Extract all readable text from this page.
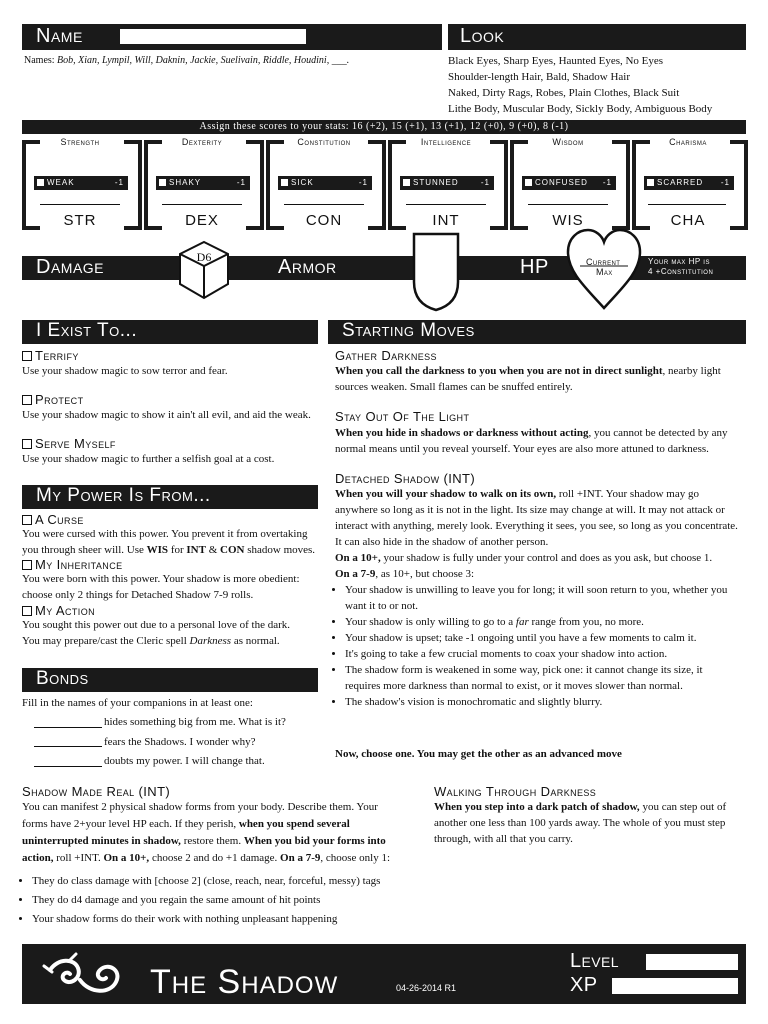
Name	Look
Names: Bob, Xian, Lympil, Will, Daknin, Jackie, Suelivain, Riddle, Houdini, ___.	Black Eyes, Sharp Eyes, Haunted Eyes, No Eyes
Shoulder-length Hair, Bald, Shadow Hair
Naked, Dirty Rags, Robes, Plain Clothes, Black Suit
Lithe Body, Muscular Body, Sickly Body, Ambiguous Body
Assign these scores to your stats: 16 (+2), 15 (+1), 13 (+1), 12 (+0), 9 (+0), 8 (-1)
Strength
WEAK	-1
STR
Dexterity
SHAKY	-1
DEX
Constitution
SICK	-1
CON
Intelligence
STUNNED	-1
INT
Wisdom
CONFUSED -1
WIS
Charisma
SCARRED -1
CHA
Damage	Armor	HP	Your max HP is
4 +Constitution
D6	Current
Max
I Exist To...
Terrify
Use your shadow magic to sow terror and fear.
Protect
Use your shadow magic to show it ain't all evil, and aid the weak.
Serve Myself
Use your shadow magic to further a selfish goal at a cost.
My Power Is From...
A Curse
You were cursed with this power. You prevent it from overtaking
you through sheer will. Use WIS for INT & CON shadow moves.
My Inheritance
You were born with this power. Your shadow is more obedient:
choose only 2 things for Detached Shadow 7-9 rolls.
My Action
You sought this power out due to a personal love of the dark.
You may prepare/cast the Cleric spell Darkness as normal.
Bonds
Fill in the names of your companions in at least one:
hides something big from me. What is it?
fears the Shadows. I wonder why?
doubts my power. I will change that.
Starting Moves
Gather Darkness
When you call the darkness to you when you are not in direct sunlight, nearby light
sources weaken. Small flames can be snuffed entirely.
Stay Out Of The Light
When you hide in shadows or darkness without acting, you cannot be detected by any
normal means until you reveal yourself. Your eyes are also more attuned to darkness.
Detached Shadow (INT)
When you will your shadow to walk on its own, roll +INT. Your shadow may go
anywhere so long as it is not in the light. Its size may change at will. It may not attack or
interact with anything, merely look. Everything it sees, you see, so long as you concentrate.
It can also hide in the shadow of another person.
On a 10+, your shadow is fully under your control and does as you ask, but choose 1.
On a 7-9, as 10+, but choose 3:
• Your shadow is unwilling to leave you for long; it will soon return to you, whether you
want it to or not.
• Your shadow is only willing to go to a far range from you, no more.
• Your shadow is upset; take -1 ongoing until you have a few moments to calm it.
• It's going to take a few crucial moments to coax your shadow into action.
• The shadow form is weakened in some way, pick one: it cannot change its size, it
requires more darkness than normal to exist, or it moves slower than normal.
• The shadow's vision is monochromatic and slightly blurry.
Now, choose one. You may get the other as an advanced move
Shadow Made Real (INT)
You can manifest 2 physical shadow forms from your body. Describe them. Your
forms have 2+your level HP each. If they perish, when you spend several
uninterrupted minutes in shadow, restore them. When you bid your forms into
action, roll +INT. On a 10+, choose 2 and do +1 damage. On a 7-9, choose only 1:
• They do class damage with [choose 2] (close, reach, near, forceful, messy) tags
• They do d4 damage and you regain the same amount of hit points
• Your shadow forms do their work with nothing unpleasant happening
Walking Through Darkness
When you step into a dark patch of shadow, you can step out of
another one less than 100 yards away. The whole of you must step
through, with all that you carry.
The Shadow	04-26-2014 R1
Level
XP
